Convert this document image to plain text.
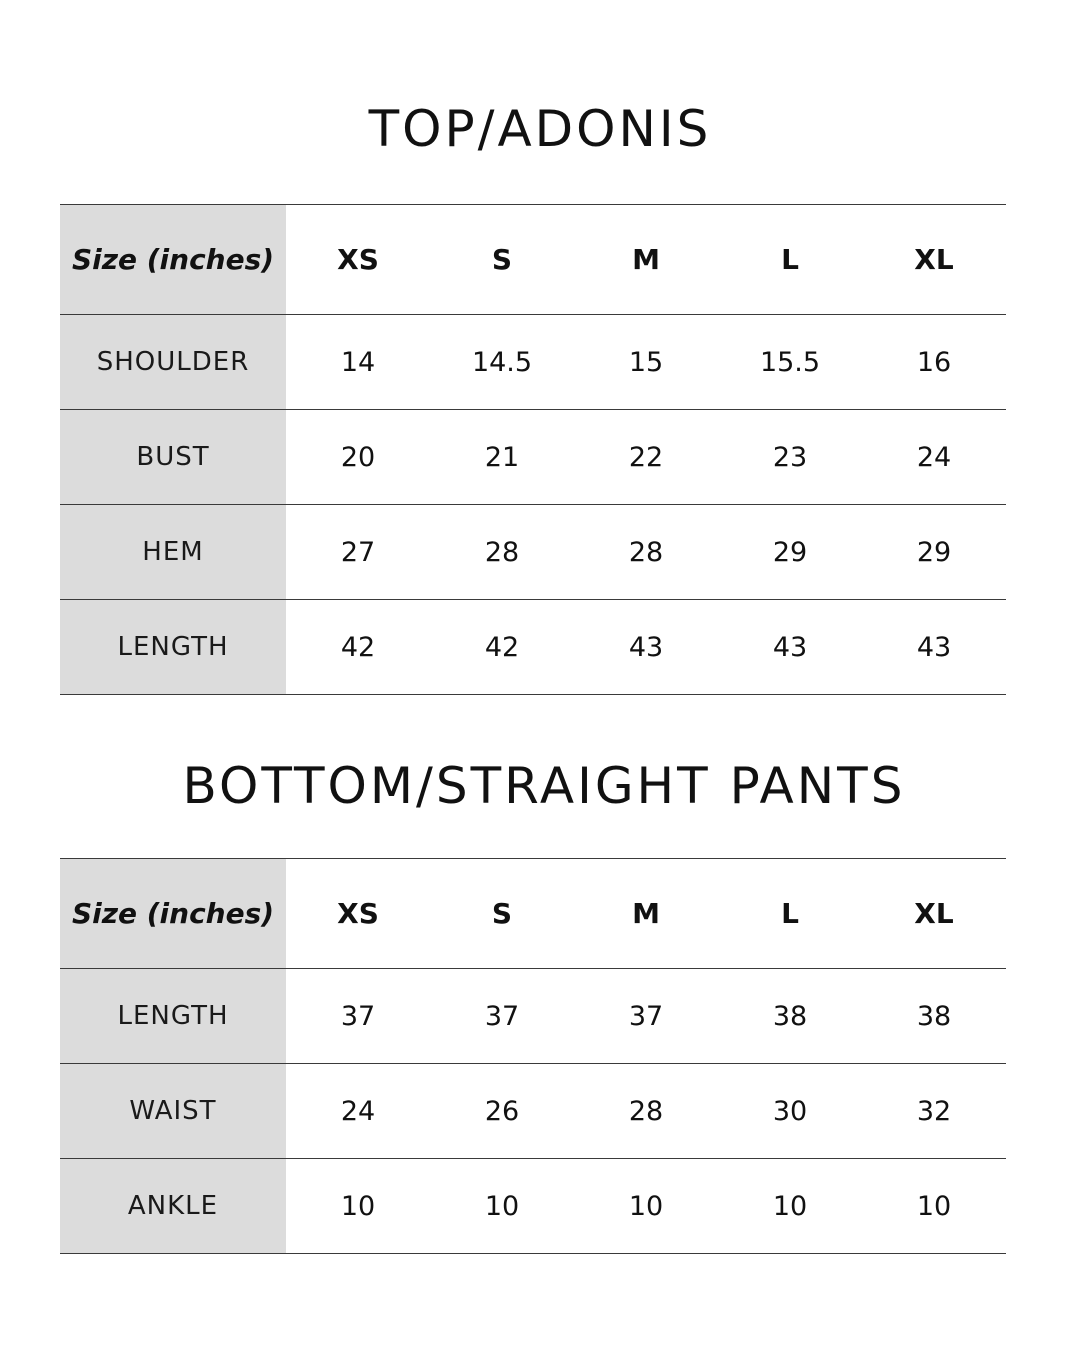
TOP/ADONIS
Size (inches)	XS	S	M	L	XL
SHOULDER	14	14.5	15	15.5	16
BUST	20	21	22	23	24
HEM	27	28	28	29	29
LENGTH	42	42	43	43	43
BOTTOM/STRAIGHT PANTS
Size (inches)	XS	S	M	L	XL
LENGTH	37	37	37	38	38
WAIST	24	26	28	30	32
ANKLE	10	10	10	10	10
